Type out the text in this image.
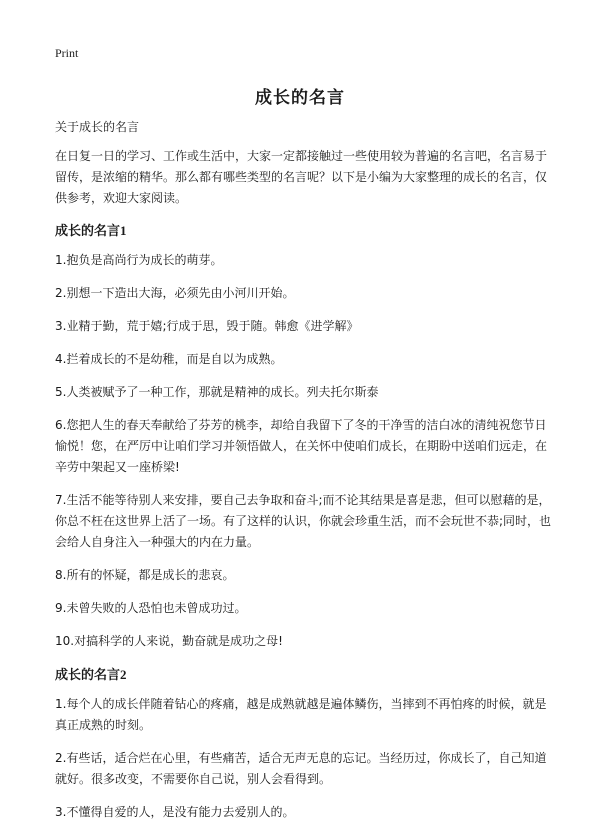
Print
成长的名言

关于成长的名言

在日复一日的学习、工作或生活中，大家一定都接触过一些使用较为普遍的名言吧，名言易于留传，是浓缩的精华。那么都有哪些类型的名言呢？以下是小编为大家整理的成长的名言，仅供参考，欢迎大家阅读。

成长的名言1

1.抱负是高尚行为成长的萌芽。

2.别想一下造出大海，必须先由小河川开始。

3.业精于勤，荒于嬉;行成于思，毁于随。韩愈《进学解》

4.拦着成长的不是幼稚，而是自以为成熟。

5.人类被赋予了一种工作，那就是精神的成长。列夫托尔斯泰

6.您把人生的春天奉献给了芬芳的桃李，却给自我留下了冬的干净雪的洁白冰的清纯祝您节日愉悦！您，在严厉中让咱们学习并领悟做人，在关怀中使咱们成长，在期盼中送咱们远走，在辛劳中架起又一座桥梁!

7.生活不能等待别人来安排，要自己去争取和奋斗;而不论其结果是喜是悲，但可以慰藉的是，你总不枉在这世界上活了一场。有了这样的认识，你就会珍重生活，而不会玩世不恭;同时，也会给人自身注入一种强大的内在力量。

8.所有的怀疑，都是成长的悲哀。

9.未曾失败的人恐怕也未曾成功过。

10.对搞科学的人来说，勤奋就是成功之母!

成长的名言2

1.每个人的成长伴随着钻心的疼痛，越是成熟就越是遍体鳞伤，当摔到不再怕疼的时候，就是真正成熟的时刻。

2.有些话，适合烂在心里，有些痛苦，适合无声无息的忘记。当经历过，你成长了，自己知道就好。很多改变，不需要你自己说，别人会看得到。

3.不懂得自爱的人，是没有能力去爱别人的。
